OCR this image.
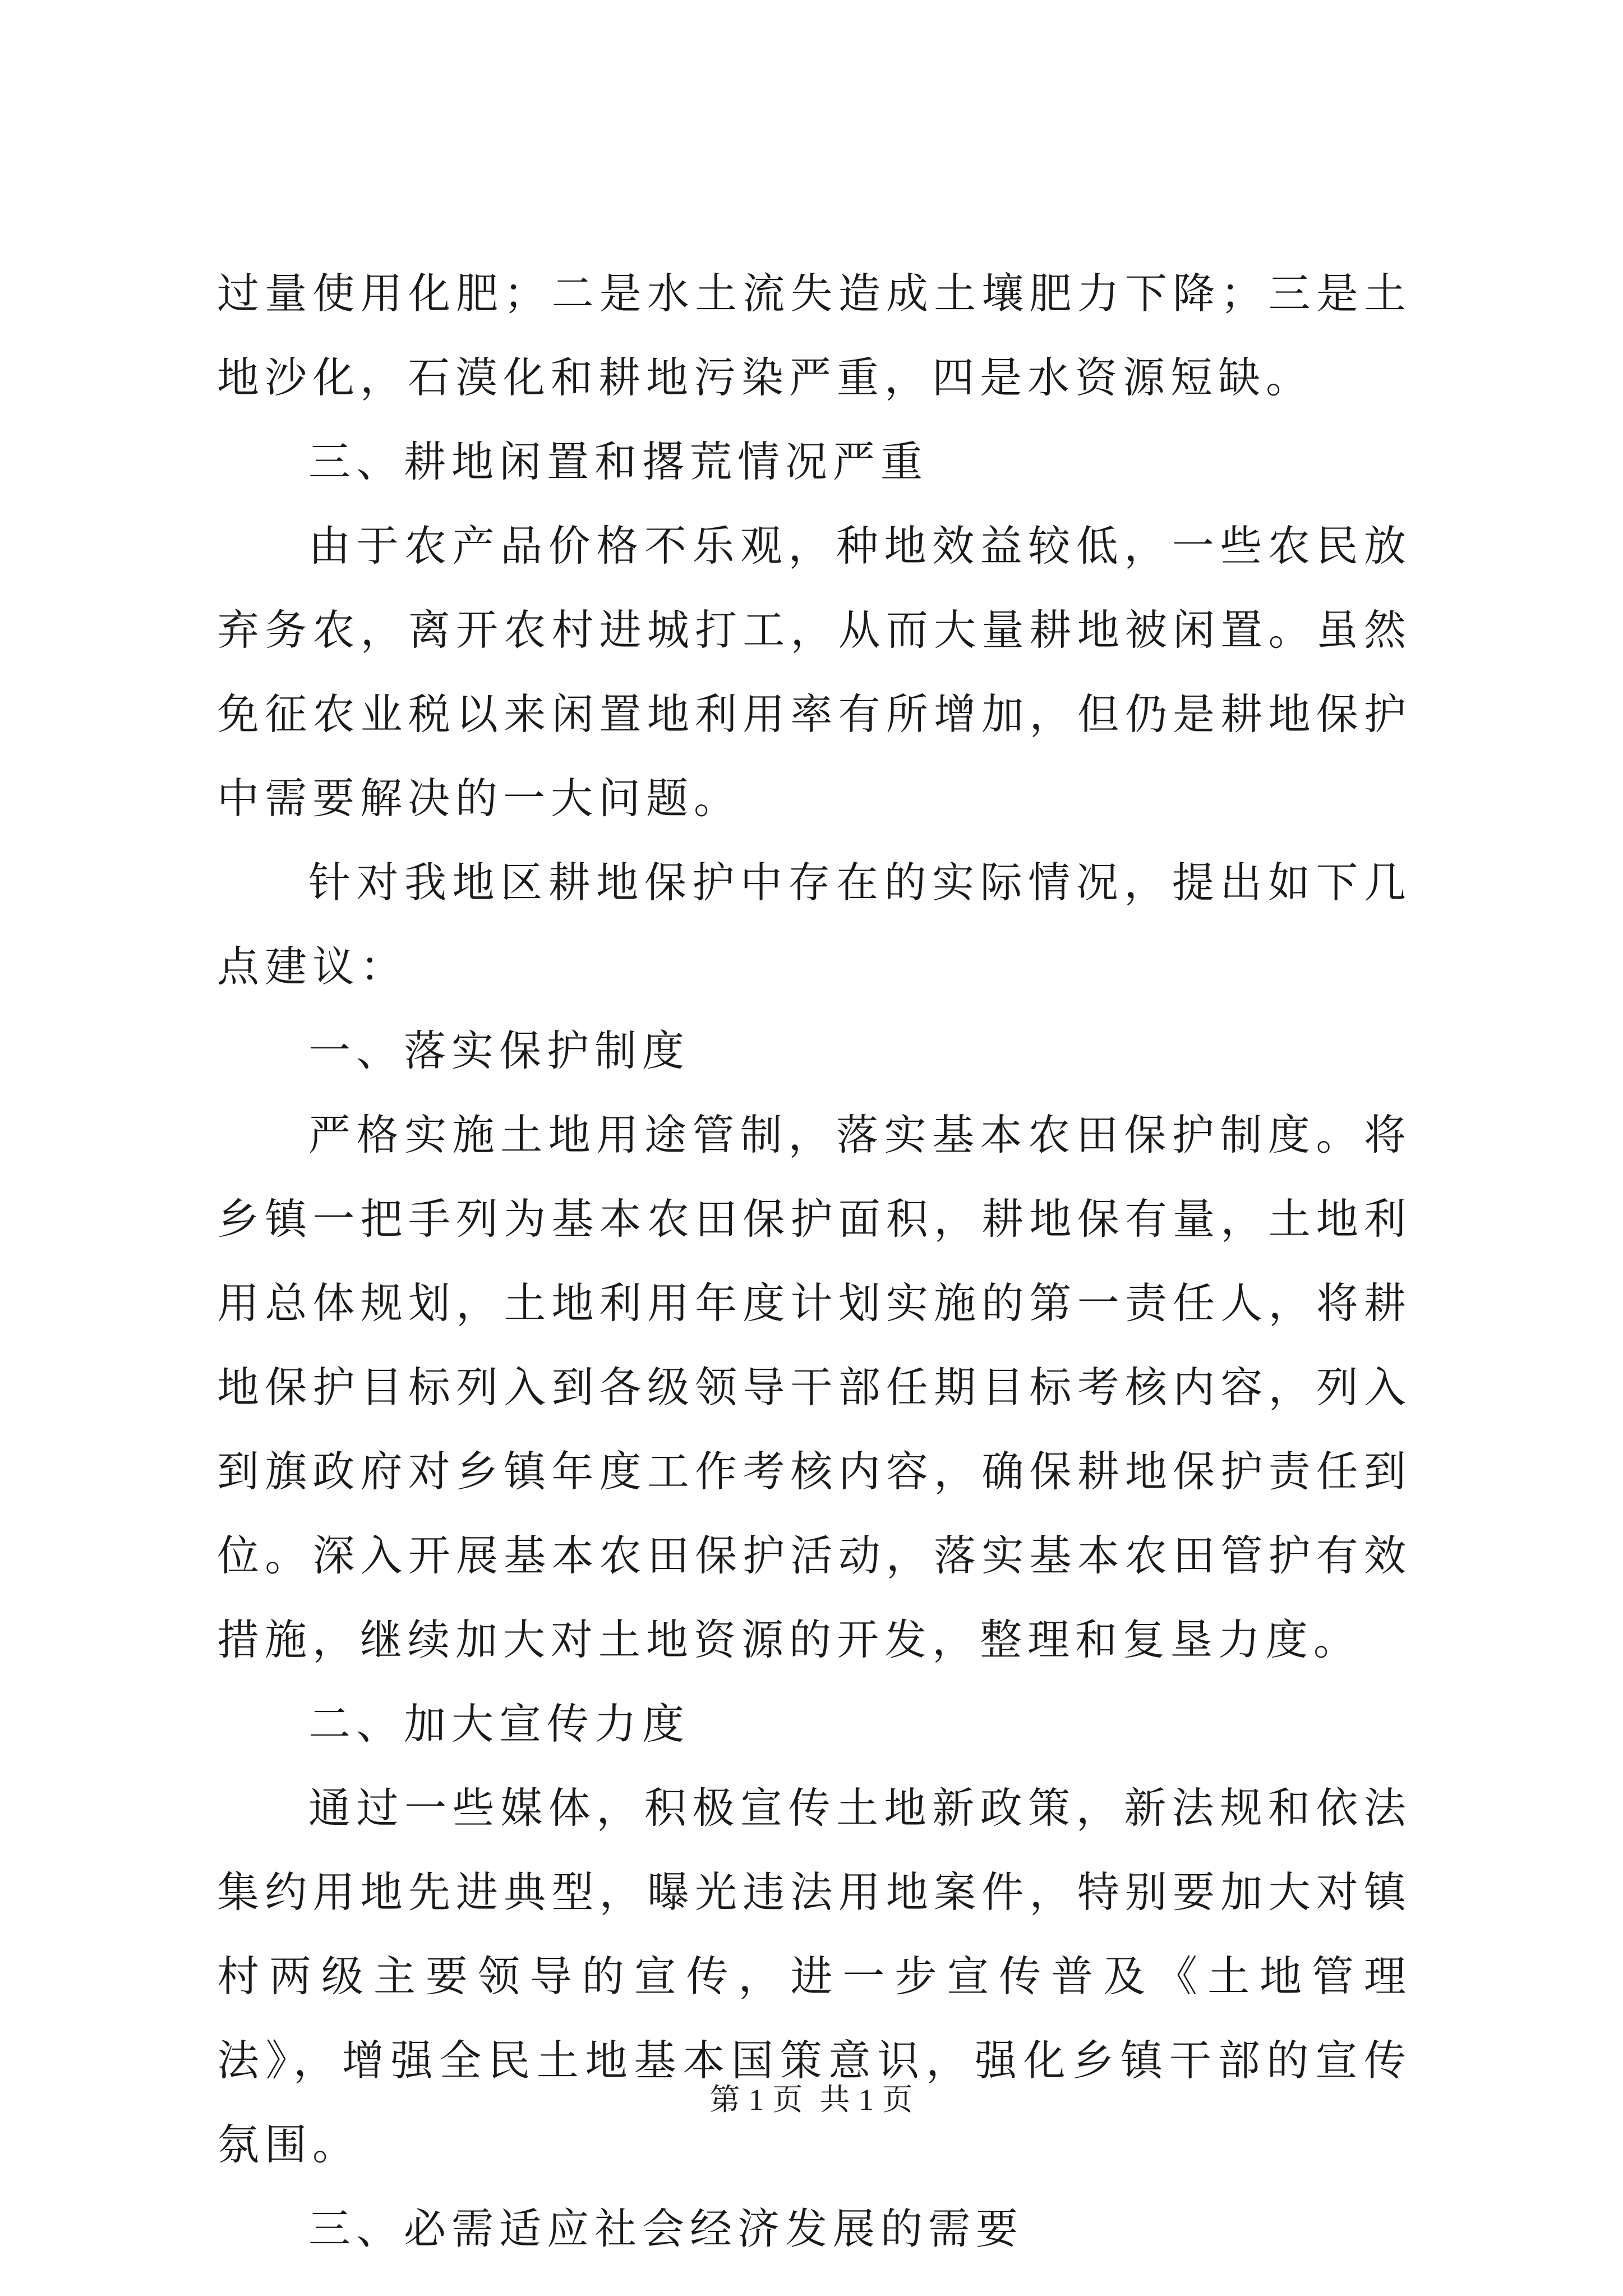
过量使用化肥；二是水土流失造成土壤肥力下降；三是土地沙化，石漠化和耕地污染严重，四是水资源短缺。

三、耕地闲置和撂荒情况严重

由于农产品价格不乐观，种地效益较低，一些农民放弃务农，离开农村进城打工，从而大量耕地被闲置。虽然免征农业税以来闲置地利用率有所增加，但仍是耕地保护中需要解决的一大问题。

针对我地区耕地保护中存在的实际情况，提出如下几点建议：

一、落实保护制度

严格实施土地用途管制，落实基本农田保护制度。将乡镇一把手列为基本农田保护面积，耕地保有量，土地利用总体规划，土地利用年度计划实施的第一责任人，将耕地保护目标列入到各级领导干部任期目标考核内容，列入到旗政府对乡镇年度工作考核内容，确保耕地保护责任到位。深入开展基本农田保护活动，落实基本农田管护有效措施，继续加大对土地资源的开发，整理和复垦力度。

二、加大宣传力度

通过一些媒体，积极宣传土地新政策，新法规和依法集约用地先进典型，曝光违法用地案件，特别要加大对镇村两级主要领导的宣传，进一步宣传普及《土地管理法》，增强全民土地基本国策意识，强化乡镇干部的宣传氛围。

三、必需适应社会经济发展的需要

第 1 页  共 1 页
